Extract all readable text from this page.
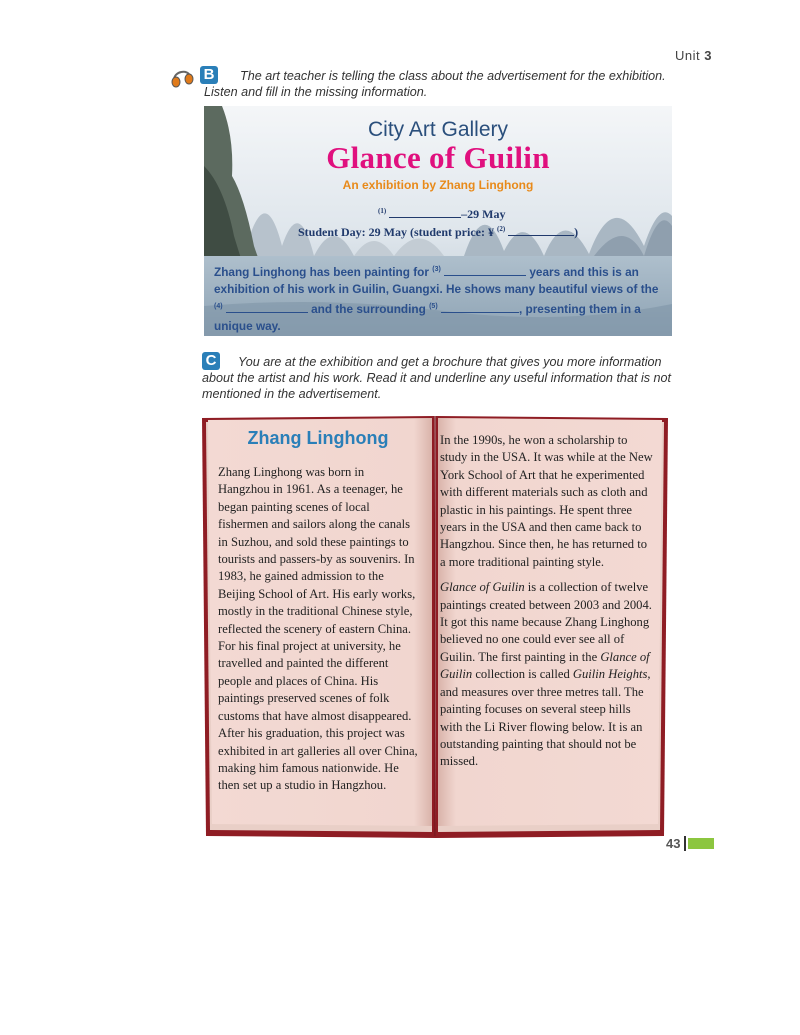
Unit 3
B	The art teacher is telling the class about the advertisement for the exhibition. Listen and fill in the missing information.
City Art Gallery
Glance of Guilin
An exhibition by Zhang Linghong
$^{(1)}$	–29 May
Student Day: 29 May (student price: ¥ $^{(2)}$	)
Zhang Linghong has been painting for $^{(3)}$	years and this is an exhibition of his work in Guilin, Guangxi. He shows many beautiful views of the $^{(4)}$	and the surrounding $^{(5)}$	, presenting them in a unique way.
C	You are at the exhibition and get a brochure that gives you more information about the artist and his work. Read it and underline any useful information that is not mentioned in the advertisement.
Zhang Linghong

Zhang Linghong was born in Hangzhou in 1961. As a teenager, he began painting scenes of local fishermen and sailors along the canals in Suzhou, and sold these paintings to tourists and passers-by as souvenirs. In 1983, he gained admission to the Beijing School of Art. His early works, mostly in the traditional Chinese style, reflected the scenery of eastern China. For his final project at university, he travelled and painted the different people and places of China. His paintings preserved scenes of folk customs that have almost disappeared. After his graduation, this project was exhibited in art galleries all over China, making him famous nationwide. He then set up a studio in Hangzhou.

In the 1990s, he won a scholarship to study in the USA. It was while at the New York School of Art that he experimented with different materials such as cloth and plastic in his paintings. He spent three years in the USA and then came back to Hangzhou. Since then, he has returned to a more traditional painting style.

Glance of Guilin is a collection of twelve paintings created between 2003 and 2004. It got this name because Zhang Linghong believed no one could ever see all of Guilin. The first painting in the Glance of Guilin collection is called Guilin Heights, and measures over three metres tall. The painting focuses on several steep hills with the Li River flowing below. It is an outstanding painting that should not be missed.

43
